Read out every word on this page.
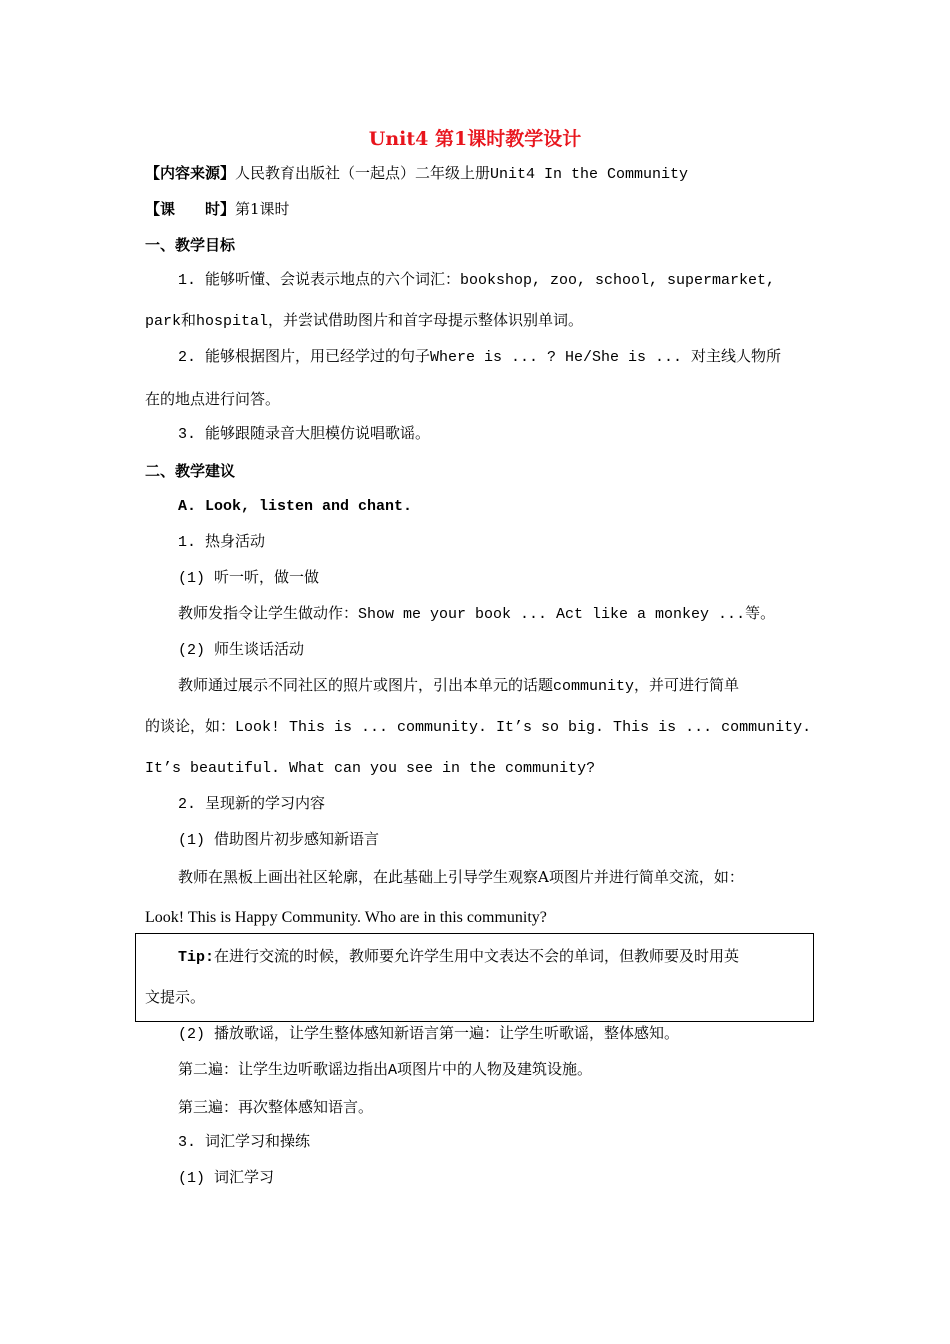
Unit4 第1课时教学设计
【内容来源】人民教育出版社（一起点）二年级上册Unit4 In the Community
【课　　时】第1课时
一、教学目标
1. 能够听懂、会说表示地点的六个词汇：bookshop, zoo, school, supermarket,
park和hospital，并尝试借助图片和首字母提示整体识别单词。
2. 能够根据图片，用已经学过的句子Where is ... ? He/She is ... 对主线人物所
在的地点进行问答。
3. 能够跟随录音大胆模仿说唱歌谣。
二、教学建议
A. Look, listen and chant.
1. 热身活动
(1) 听一听，做一做
教师发指令让学生做动作：Show me your book ... Act like a monkey ...等。
(2) 师生谈话活动
教师通过展示不同社区的照片或图片，引出本单元的话题community，并可进行简单
的谈论，如：Look! This is ... community. It’s so big. This is ... community.
It’s beautiful. What can you see in the community?
2. 呈现新的学习内容
(1) 借助图片初步感知新语言
教师在黑板上画出社区轮廓，在此基础上引导学生观察A项图片并进行简单交流，如：
Look! This is Happy Community. Who are in this community?
Tip:在进行交流的时候，教师要允许学生用中文表达不会的单词，但教师要及时用英
文提示。
(2) 播放歌谣，让学生整体感知新语言第一遍：让学生听歌谣，整体感知。
第二遍：让学生边听歌谣边指出A项图片中的人物及建筑设施。
第三遍：再次整体感知语言。
3. 词汇学习和操练
(1) 词汇学习
